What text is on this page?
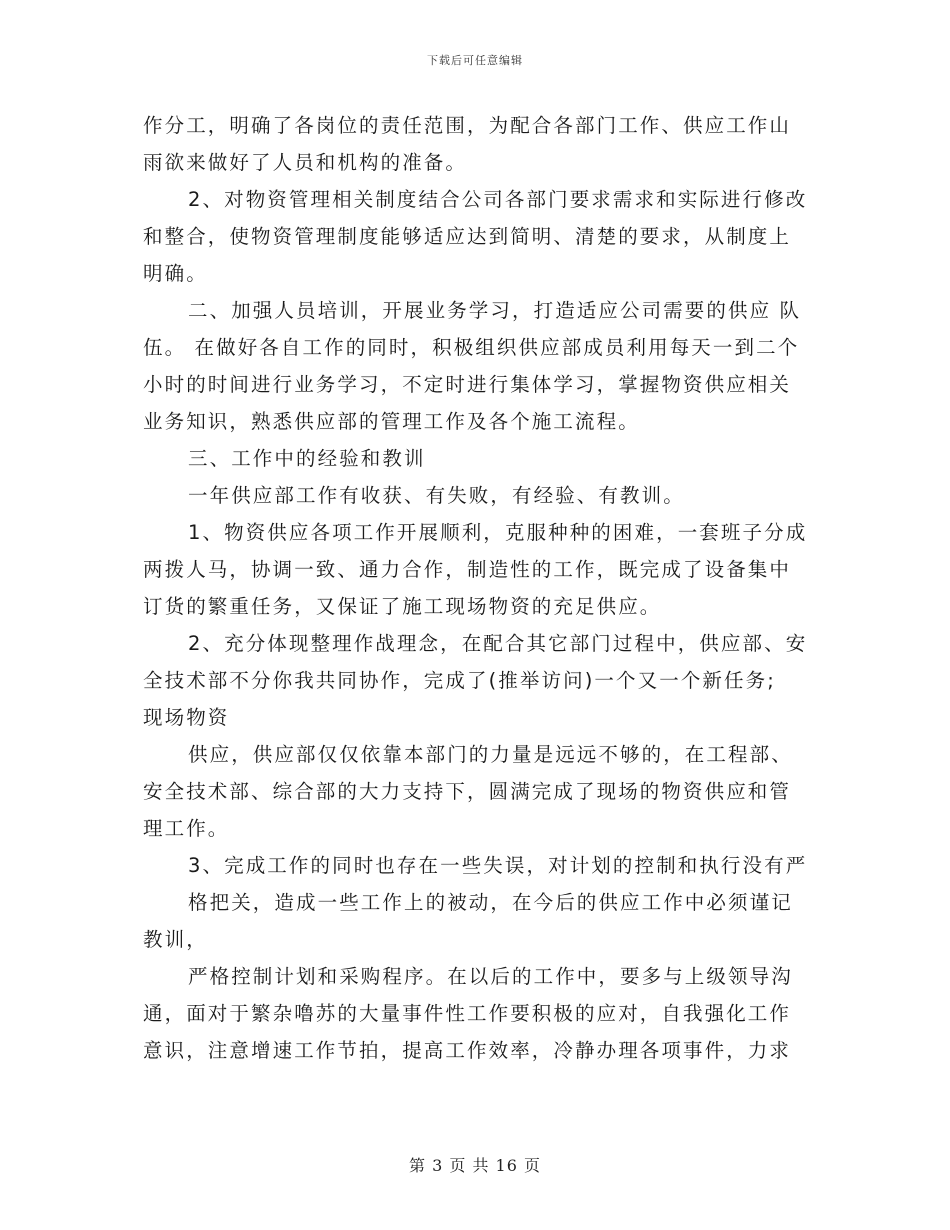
下载后可任意编辑
作分工，明确了各岗位的责任范围，为配合各部门工作、供应工作山
雨欲来做好了人员和机构的准备。
2、对物资管理相关制度结合公司各部门要求需求和实际进行修改
和整合，使物资管理制度能够适应达到简明、清楚的要求，从制度上
明确。
二、加强人员培训，开展业务学习，打造适应公司需要的供应 队
伍。 在做好各自工作的同时，积极组织供应部成员利用每天一到二个
小时的时间进行业务学习，不定时进行集体学习，掌握物资供应相关
业务知识，熟悉供应部的管理工作及各个施工流程。
三、工作中的经验和教训
一年供应部工作有收获、有失败，有经验、有教训。
1、物资供应各项工作开展顺利，克服种种的困难，一套班子分成
两拨人马，协调一致、通力合作，制造性的工作，既完成了设备集中
订货的繁重任务，又保证了施工现场物资的充足供应。
2、充分体现整理作战理念，在配合其它部门过程中，供应部、安
全技术部不分你我共同协作，完成了(推举访问)一个又一个新任务;
现场物资
供应，供应部仅仅依靠本部门的力量是远远不够的，在工程部、
安全技术部、综合部的大力支持下，圆满完成了现场的物资供应和管
理工作。
3、完成工作的同时也存在一些失误，对计划的控制和执行没有严
格把关，造成一些工作上的被动，在今后的供应工作中必须谨记
教训，
严格控制计划和采购程序。在以后的工作中，要多与上级领导沟
通，面对于繁杂噜苏的大量事件性工作要积极的应对，自我强化工作
意识，注意增速工作节拍，提高工作效率，冷静办理各项事件，力求
第 3 页 共 16 页
